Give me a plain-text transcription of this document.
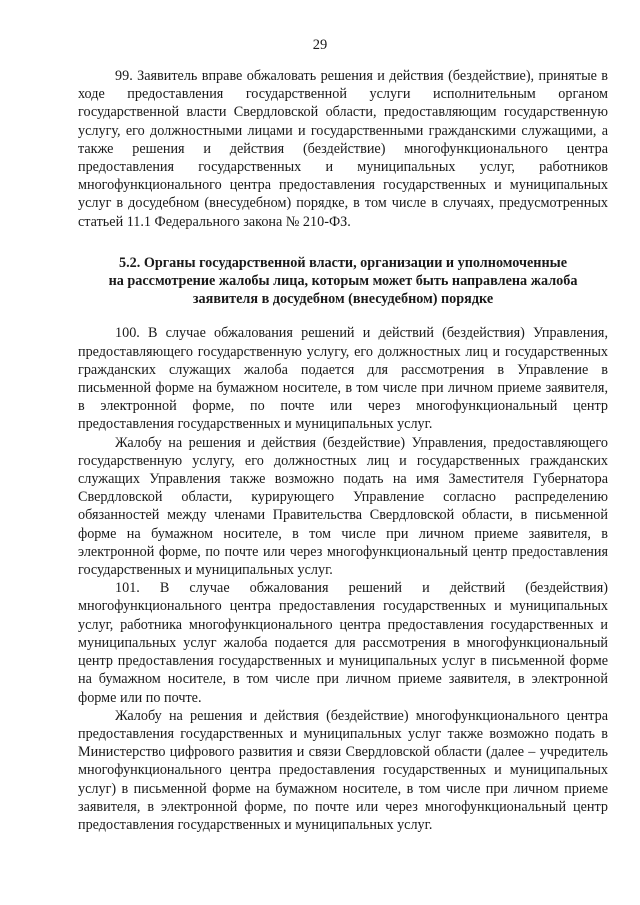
29

99. Заявитель вправе обжаловать решения и действия (бездействие), принятые в ходе предоставления государственной услуги исполнительным органом государственной власти Свердловской области, предоставляющим государственную услугу, его должностными лицами и государственными гражданскими служащими, а также решения и действия (бездействие) многофункционального центра предоставления государственных и муниципальных услуг, работников многофункционального центра предоставления государственных и муниципальных услуг в досудебном (внесудебном) порядке, в том числе в случаях, предусмотренных статьей 11.1 Федерального закона № 210-ФЗ.

5.2. Органы государственной власти, организации и уполномоченные
на рассмотрение жалобы лица, которым может быть направлена жалоба
заявителя в досудебном (внесудебном) порядке

100. В случае обжалования решений и действий (бездействия) Управления, предоставляющего государственную услугу, его должностных лиц и государственных гражданских служащих жалоба подается для рассмотрения в Управление в письменной форме на бумажном носителе, в том числе при личном приеме заявителя, в электронной форме, по почте или через многофункциональный центр предоставления государственных и муниципальных услуг.

Жалобу на решения и действия (бездействие) Управления, предоставляющего государственную услугу, его должностных лиц и государственных гражданских служащих Управления также возможно подать на имя Заместителя Губернатора Свердловской области, курирующего Управление согласно распределению обязанностей между членами Правительства Свердловской области, в письменной форме на бумажном носителе, в том числе при личном приеме заявителя, в электронной форме, по почте или через многофункциональный центр предоставления государственных и муниципальных услуг.

101. В случае обжалования решений и действий (бездействия) многофункционального центра предоставления государственных и муниципальных услуг, работника многофункционального центра предоставления государственных и муниципальных услуг жалоба подается для рассмотрения в многофункциональный центр предоставления государственных и муниципальных услуг в письменной форме на бумажном носителе, в том числе при личном приеме заявителя, в электронной форме или по почте.

Жалобу на решения и действия (бездействие) многофункционального центра предоставления государственных и муниципальных услуг также возможно подать в Министерство цифрового развития и связи Свердловской области (далее – учредитель многофункционального центра предоставления государственных и муниципальных услуг) в письменной форме на бумажном носителе, в том числе при личном приеме заявителя, в электронной форме, по почте или через многофункциональный центр предоставления государственных и муниципальных услуг.
